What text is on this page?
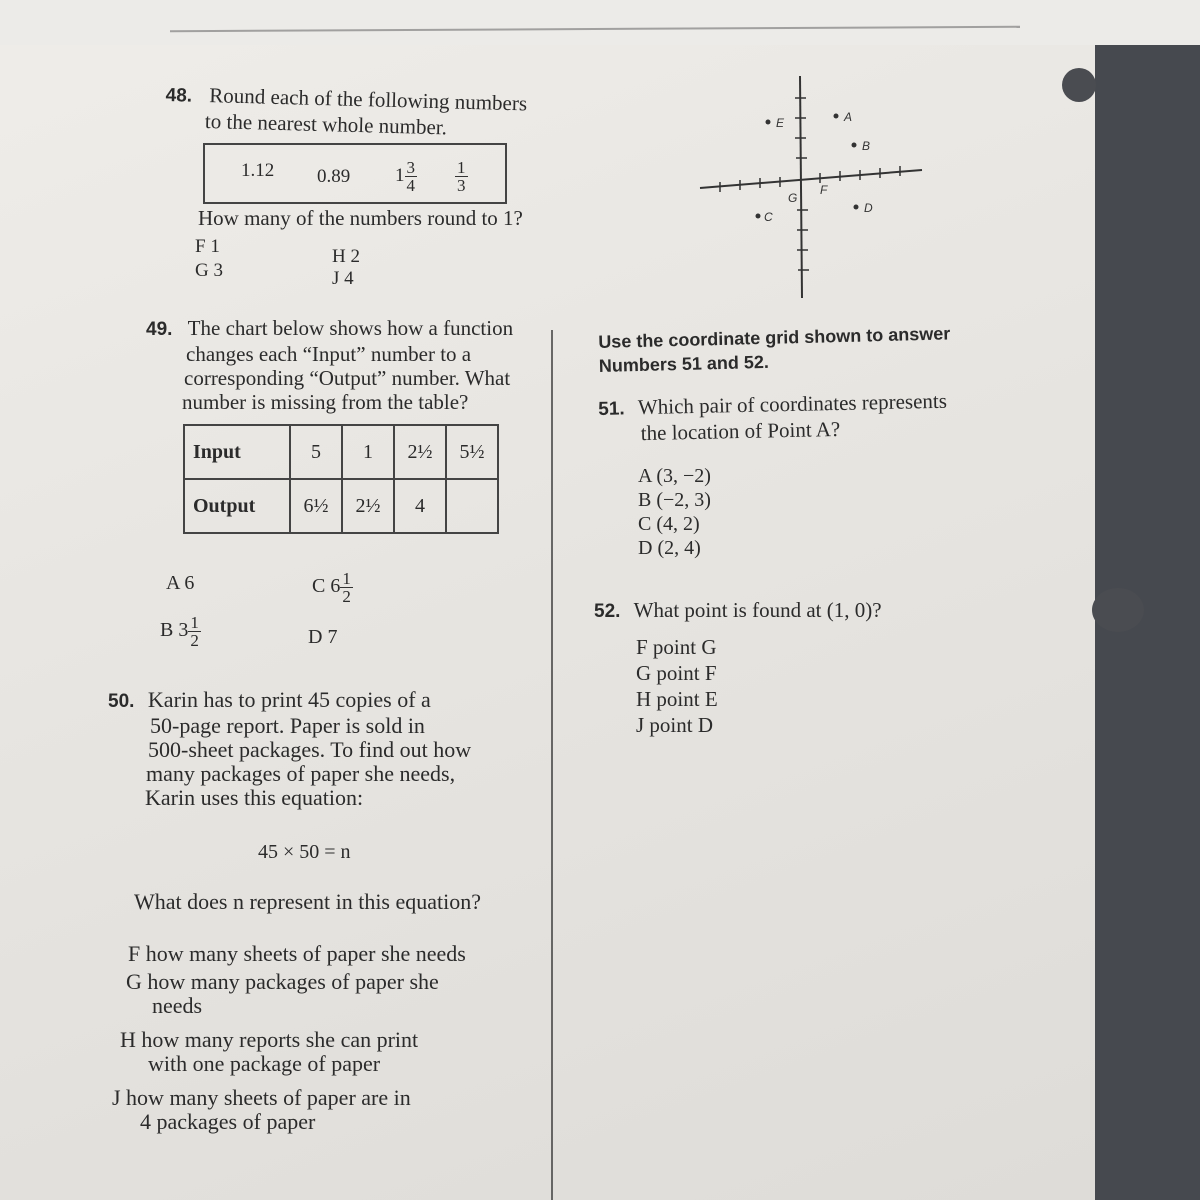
48. Round each of the following numbers
to the nearest whole number.
1.12 0.89 $1 \frac{3}{4} \frac{1}{3}$
How many of the numbers round to 1?
F 1
G 3
H 2
J 4
49. The chart below shows how a function
changes each “Input” number to a
corresponding “Output” number. What
number is missing from the table?
Input	5	1	2½	5½
Output	6½	2½	4	
A 6
B $3 \frac{1}{2}$
C $6 \frac{1}{2}$
D 7
50. Karin has to print 45 copies of a
50-page report. Paper is sold in
500-sheet packages. To find out how
many packages of paper she needs,
Karin uses this equation:
45 × 50 = n
What does n represent in this equation?
F how many sheets of paper she needs
G how many packages of paper she
needs
H how many reports she can print
with one package of paper
J how many sheets of paper are in
4 packages of paper
E	A
B
D
C
G
F
Use the coordinate grid shown to answer
Numbers 51 and 52.
51. Which pair of coordinates represents
the location of Point A?
A (3, −2)
B (−2, 3)
C (4, 2)
D (2, 4)
52. What point is found at (1, 0)?
F point G
G point F
H point E
J point D
